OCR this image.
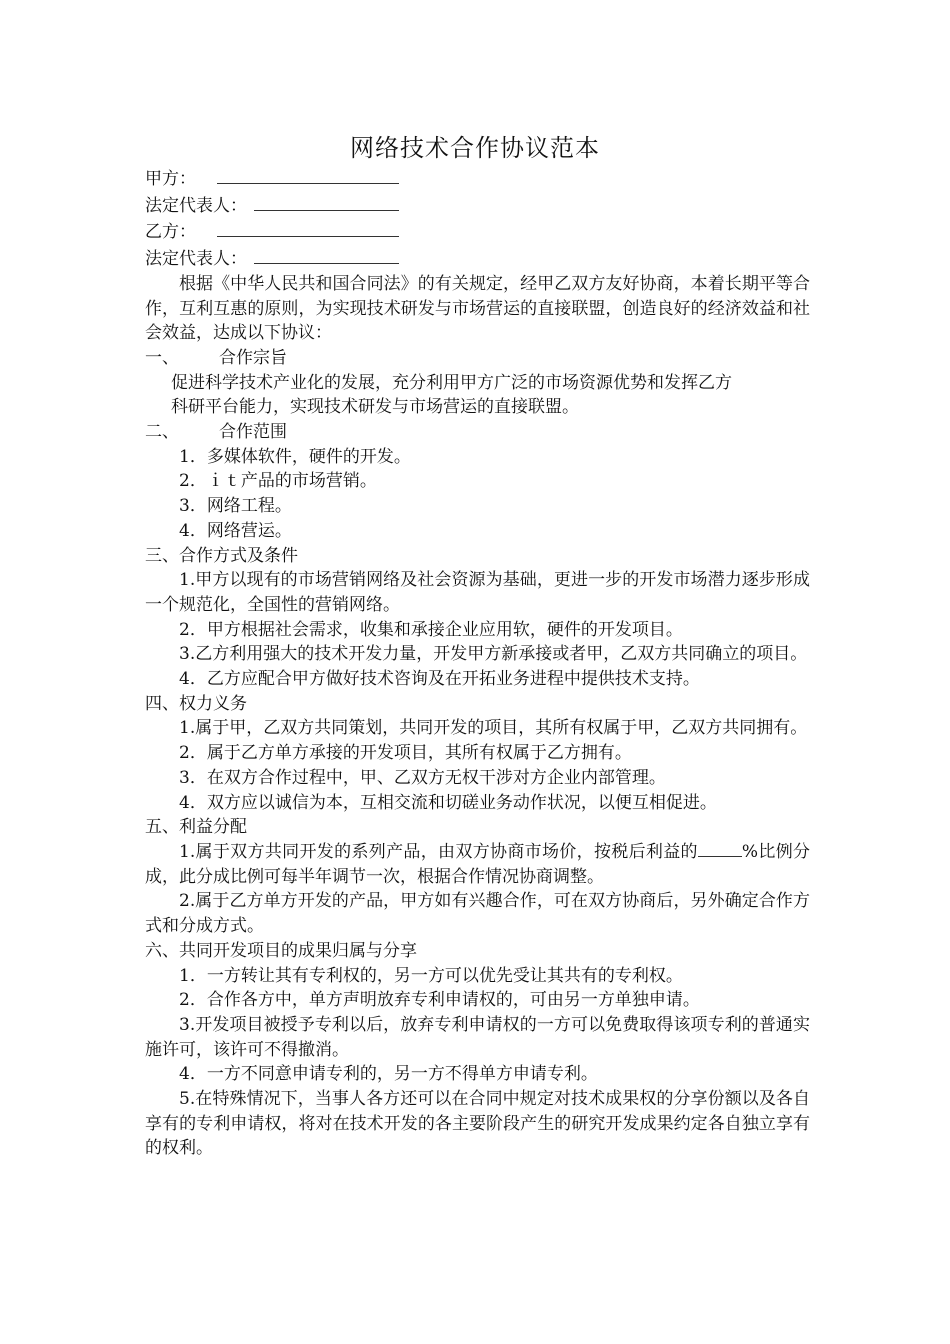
网络技术合作协议范本
甲方：
法定代表人：
乙方：
法定代表人：
根据《中华人民共和国合同法》的有关规定，经甲乙双方友好协商，本着长期平等合作，互利互惠的原则，为实现技术研发与市场营运的直接联盟，创造良好的经济效益和社会效益，达成以下协议：
一、 合作宗旨
促进科学技术产业化的发展，充分利用甲方广泛的市场资源优势和发挥乙方
科研平台能力，实现技术研发与市场营运的直接联盟。
二、 合作范围
1．多媒体软件，硬件的开发。
2．ｉｔ产品的市场营销。
3．网络工程。
4．网络营运。
三、合作方式及条件
1.甲方以现有的市场营销网络及社会资源为基础，更进一步的开发市场潜力逐步形成一个规范化，全国性的营销网络。
2．甲方根据社会需求，收集和承接企业应用软，硬件的开发项目。
3.乙方利用强大的技术开发力量，开发甲方新承接或者甲，乙双方共同确立的项目。
4．乙方应配合甲方做好技术咨询及在开拓业务进程中提供技术支持。
四、权力义务
1.属于甲，乙双方共同策划，共同开发的项目，其所有权属于甲，乙双方共同拥有。
2．属于乙方单方承接的开发项目，其所有权属于乙方拥有。
3．在双方合作过程中，甲、乙双方无权干涉对方企业内部管理。
4．双方应以诚信为本，互相交流和切磋业务动作状况，以便互相促进。
五、利益分配
1.属于双方共同开发的系列产品，由双方协商市场价，按税后利益的	%比例分成，此分成比例可每半年调节一次，根据合作情况协商调整。
2.属于乙方单方开发的产品，甲方如有兴趣合作，可在双方协商后，另外确定合作方式和分成方式。
六、共同开发项目的成果归属与分享
1．一方转让其有专利权的，另一方可以优先受让其共有的专利权。
2．合作各方中，单方声明放弃专利申请权的，可由另一方单独申请。
3.开发项目被授予专利以后，放弃专利申请权的一方可以免费取得该项专利的普通实施许可，该许可不得撤消。
4．一方不同意申请专利的，另一方不得单方申请专利。
5.在特殊情况下，当事人各方还可以在合同中规定对技术成果权的分享份额以及各自享有的专利申请权，将对在技术开发的各主要阶段产生的研究开发成果约定各自独立享有的权利。
